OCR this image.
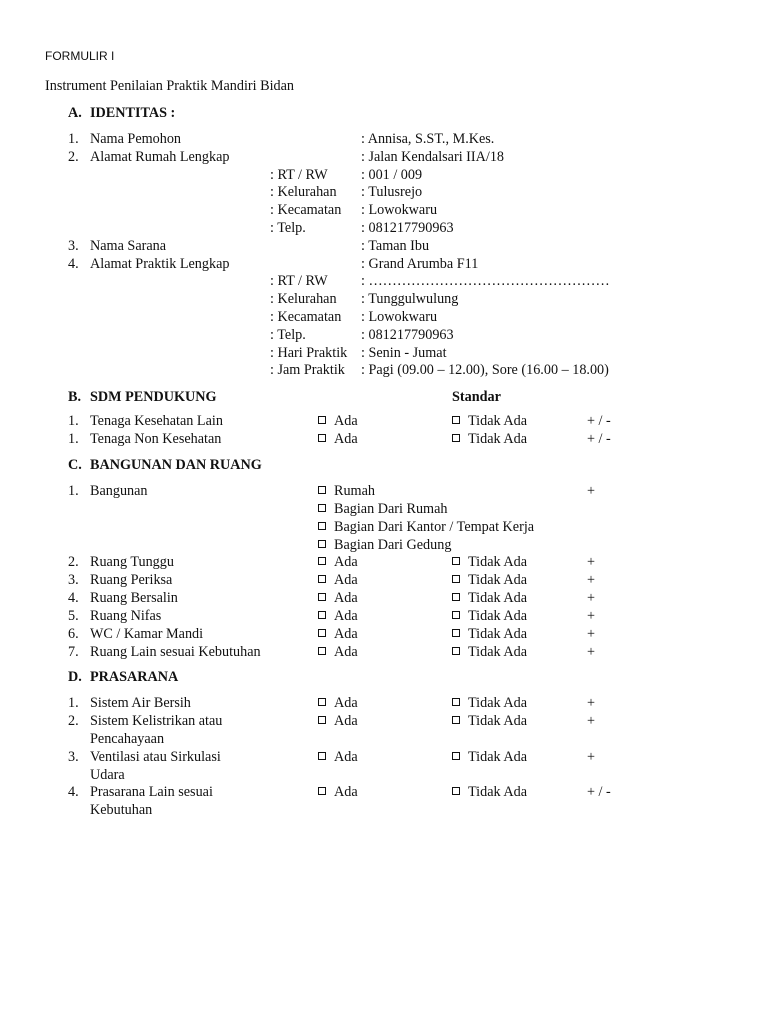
FORMULIR I
Instrument Penilaian Praktik Mandiri Bidan
A. IDENTITAS :
1. Nama Pemohon	: Annisa, S.ST., M.Kes.
2. Alamat Rumah Lengkap	: Jalan Kendalsari IIA/18
: RT / RW : 001 / 009
: Kelurahan : Tulusrejo
: Kecamatan : Lowokwaru
: Telp.	: 081217790963
3. Nama Sarana	: Taman Ibu
4. Alamat Praktik Lengkap	: Grand Arumba F11
: RT / RW : ……………………………………………
: Kelurahan : Tunggulwulung
: Kecamatan : Lowokwaru
: Telp.	: 081217790963
: Hari Praktik : Senin - Jumat
: Jam Praktik : Pagi (09.00 – 12.00), Sore (16.00 – 18.00)
B. SDM PENDUKUNG	Standar
1. Tenaga Kesehatan Lain	Ada	Tidak Ada	+ / -
1. Tenaga Non Kesehatan	Ada	Tidak Ada	+ / -
C. BANGUNAN DAN RUANG
1. Bangunan	+
Rumah
Bagian Dari Rumah
Bagian Dari Kantor / Tempat Kerja
Bagian Dari Gedung
2. Ruang Tunggu	Ada	Tidak Ada	+
3. Ruang Periksa	Ada	Tidak Ada	+
4. Ruang Bersalin	Ada	Tidak Ada	+
5. Ruang Nifas	Ada	Tidak Ada	+
6. WC / Kamar Mandi	Ada	Tidak Ada	+
7. Ruang Lain sesuai Kebutuhan	Ada	Tidak Ada	+
D. PRASARANA
1. Sistem Air Bersih	Ada	Tidak Ada	+
2. Sistem Kelistrikan atau
Pencahayaan
Ada	Tidak Ada	+
3. Ventilasi atau Sirkulasi
Udara
Ada	Tidak Ada	+
4. Prasarana Lain sesuai
Kebutuhan
Ada	Tidak Ada	+ / -
